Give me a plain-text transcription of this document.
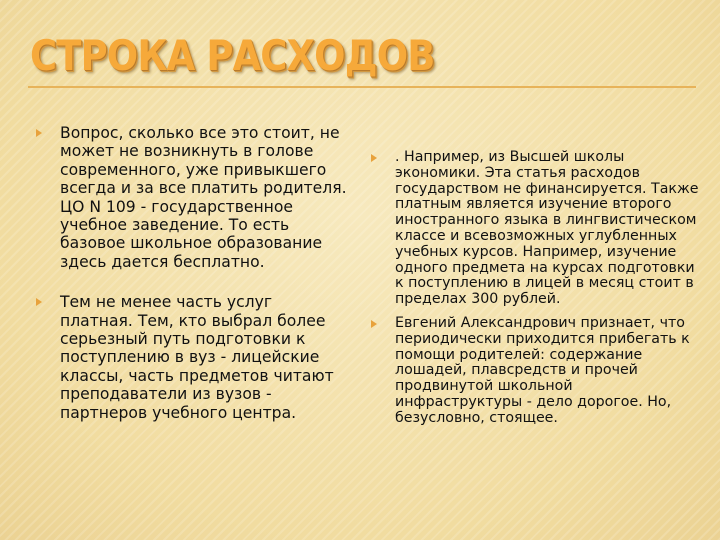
СТРОКА РАСХОДОВ
Вопрос, сколько все это стоит, не может не возникнуть в голове современного, уже привыкшего всегда и за все платить родителя. ЦО N 109 - государственное учебное заведение. То есть базовое школьное образование здесь дается бесплатно.
Тем не менее часть услуг платная. Тем, кто выбрал более серьезный путь подготовки к поступлению в вуз - лицейские классы, часть предметов читают преподаватели из вузов - партнеров учебного центра.
. Например, из Высшей школы экономики. Эта статья расходов государством не финансируется. Также платным является изучение второго иностранного языка в лингвистическом классе и всевозможных углубленных учебных курсов. Например, изучение одного предмета на курсах подготовки к поступлению в лицей в месяц стоит в пределах 300 рублей.
Евгений Александрович признает, что периодически приходится прибегать к помощи родителей: содержание лошадей, плавсредств и прочей продвинутой школьной инфраструктуры - дело дорогое. Но, безусловно, стоящее.
